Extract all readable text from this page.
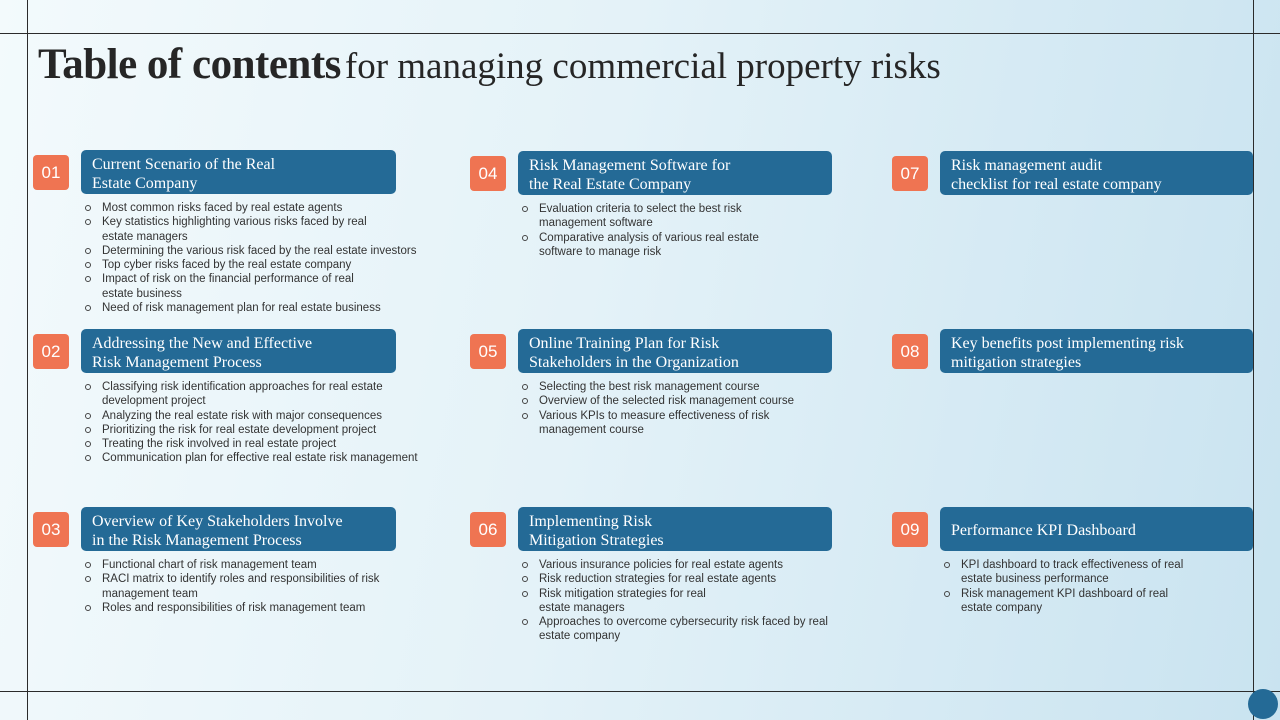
Table of contents for managing commercial property risks
01	Current Scenario of the Real
Estate Company
Most common risks faced by real estate agents
Key statistics highlighting various risks faced by real estate managers
Determining the various risk faced by the real estate investors
Top cyber risks faced by the real estate company
Impact of risk on the financial performance of real estate business
Need of risk management plan for real estate business
02	Addressing the New and Effective
Risk Management Process
Classifying risk identification approaches for real estate development project
Analyzing the real estate risk with major consequences
Prioritizing the risk for real estate development project
Treating the risk involved in real estate project
Communication plan for effective real estate risk management
03	Overview of Key Stakeholders Involve
in the Risk Management Process
Functional chart of risk management team
RACI matrix to identify roles and responsibilities of risk management team
Roles and responsibilities of risk management team
04	Risk Management Software for
the Real Estate Company
Evaluation criteria to select the best risk management software
Comparative analysis of various real estate software to manage risk
05	Online Training Plan for Risk
Stakeholders in the Organization
Selecting the best risk management course
Overview of the selected risk management course
Various KPIs to measure effectiveness of risk management course
06	Implementing Risk
Mitigation Strategies
Various insurance policies for real estate agents
Risk reduction strategies for real estate agents
Risk mitigation strategies for real estate managers
Approaches to overcome cybersecurity risk faced by real estate company
07	Risk management audit
checklist for real estate company
08	Key benefits post implementing risk
mitigation strategies
09	Performance KPI Dashboard
KPI dashboard to track effectiveness of real estate business performance
Risk management KPI dashboard of real estate company
